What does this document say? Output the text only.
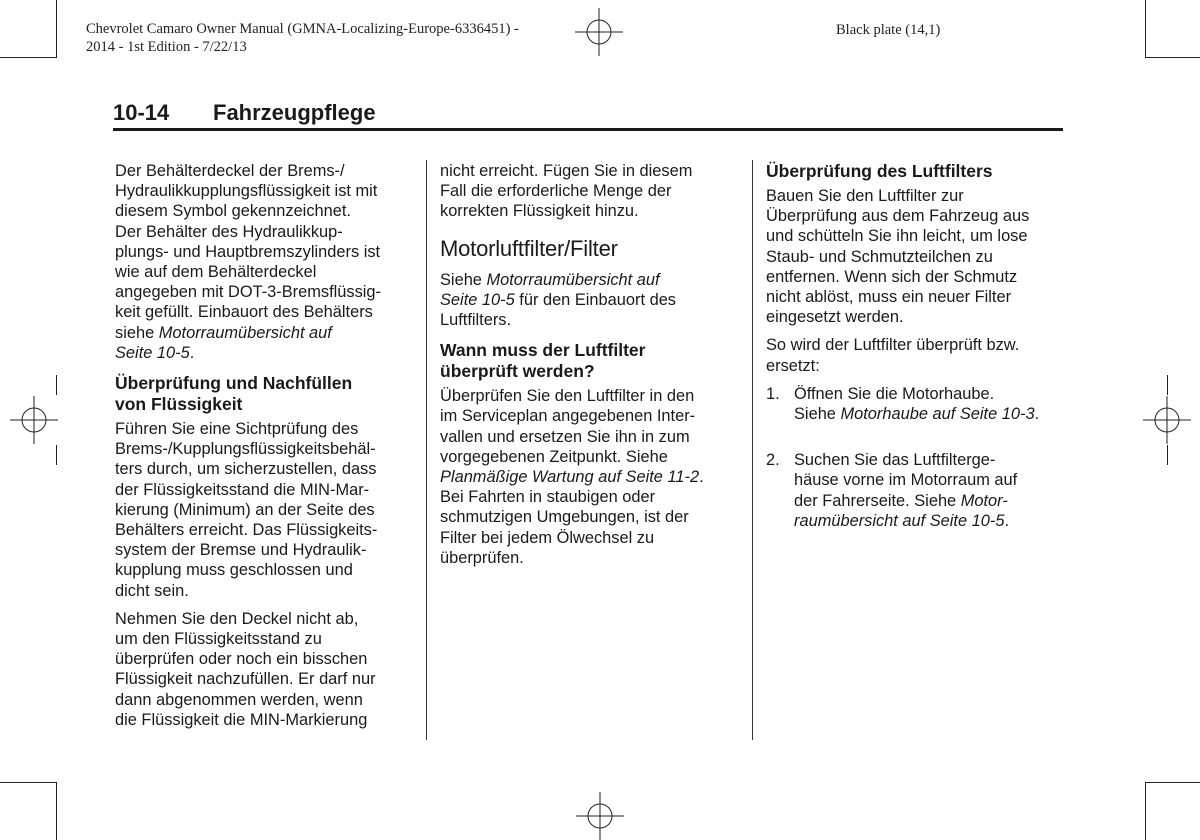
Chevrolet Camaro Owner Manual (GMNA-Localizing-Europe-6336451) -
2014 - 1st Edition - 7/22/13
Black plate (14,1)
10-14 Fahrzeugpflege

Der Behälterdeckel der Brems-/
Hydraulikkupplungsflüssigkeit ist mit
diesem Symbol gekennzeichnet.
Der Behälter des Hydraulikkup-
plungs- und Hauptbremszylinders ist
wie auf dem Behälterdeckel
angegeben mit DOT-3-Bremsflüssig-
keit gefüllt. Einbauort des Behälters
siehe Motorraumübersicht auf
Seite 10-5.

Überprüfung und Nachfüllen
von Flüssigkeit

Führen Sie eine Sichtprüfung des
Brems-/Kupplungsflüssigkeitsbehäl-
ters durch, um sicherzustellen, dass
der Flüssigkeitsstand die MIN-Mar-
kierung (Minimum) an der Seite des
Behälters erreicht. Das Flüssigkeits-
system der Bremse und Hydraulik-
kupplung muss geschlossen und
dicht sein.

Nehmen Sie den Deckel nicht ab,
um den Flüssigkeitsstand zu
überprüfen oder noch ein bisschen
Flüssigkeit nachzufüllen. Er darf nur
dann abgenommen werden, wenn
die Flüssigkeit die MIN-Markierung

nicht erreicht. Fügen Sie in diesem
Fall die erforderliche Menge der
korrekten Flüssigkeit hinzu.

Motorluftfilter/Filter

Siehe Motorraumübersicht auf
Seite 10-5 für den Einbauort des
Luftfilters.

Wann muss der Luftfilter
überprüft werden?

Überprüfen Sie den Luftfilter in den
im Serviceplan angegebenen Inter-
vallen und ersetzen Sie ihn in zum
vorgegebenen Zeitpunkt. Siehe
Planmäßige Wartung auf Seite 11-2.
Bei Fahrten in staubigen oder
schmutzigen Umgebungen, ist der
Filter bei jedem Ölwechsel zu
überprüfen.

Überprüfung des Luftfilters

Bauen Sie den Luftfilter zur
Überprüfung aus dem Fahrzeug aus
und schütteln Sie ihn leicht, um lose
Staub- und Schmutzteilchen zu
entfernen. Wenn sich der Schmutz
nicht ablöst, muss ein neuer Filter
eingesetzt werden.

So wird der Luftfilter überprüft bzw.
ersetzt:

1. Öffnen Sie die Motorhaube.
Siehe Motorhaube auf Seite 10-3.
2. Suchen Sie das Luftfilterge-
häuse vorne im Motorraum auf
der Fahrerseite. Siehe Motor-
raumübersicht auf Seite 10-5.
